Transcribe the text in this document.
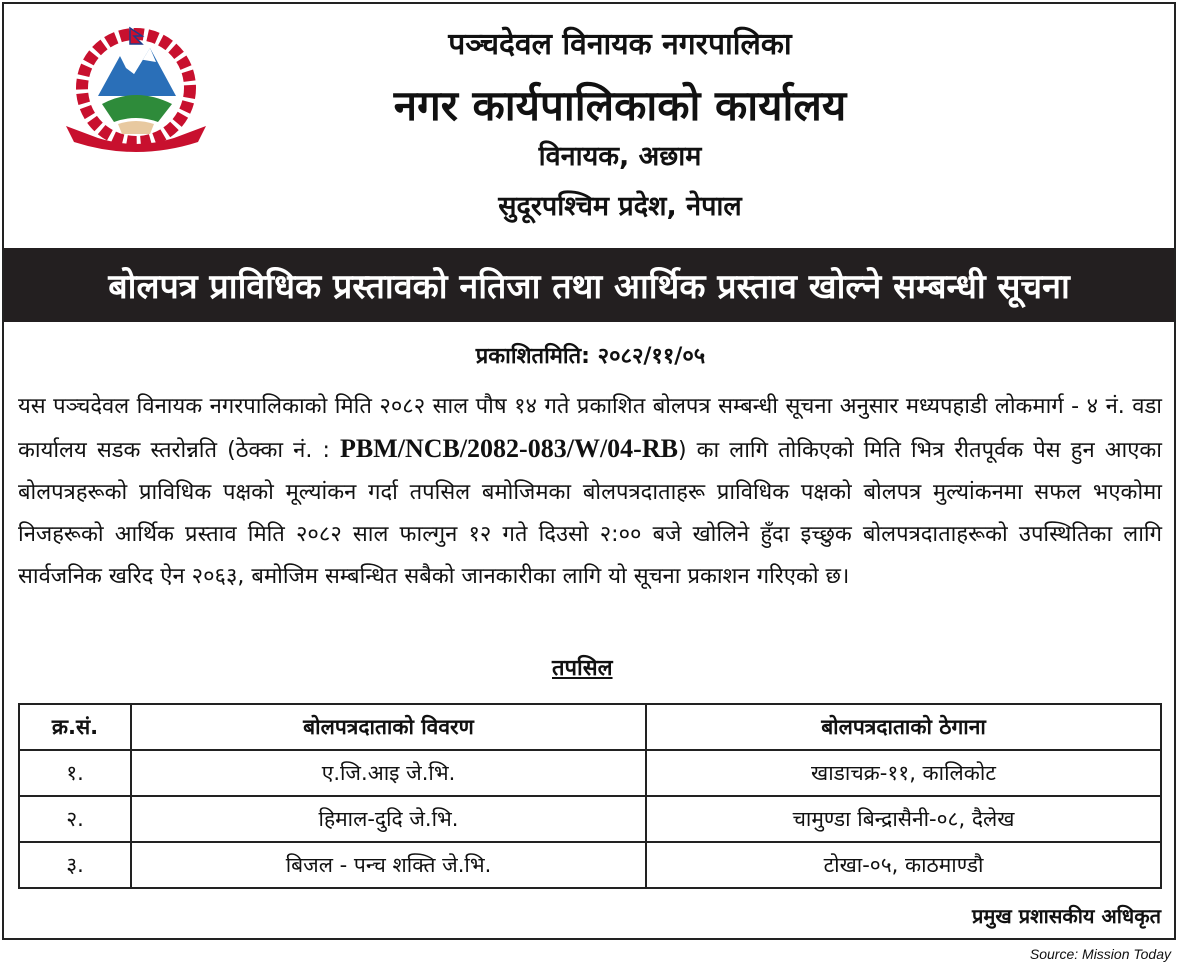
पञ्चदेवल विनायक नगरपालिका
नगर कार्यपालिकाको कार्यालय
विनायक, अछाम
सुदूरपश्चिम प्रदेश, नेपाल
बोलपत्र प्राविधिक प्रस्तावको नतिजा तथा आर्थिक प्रस्ताव खोल्ने सम्बन्धी सूचना
प्रकाशितमिति: २०८२/११/०५
यस पञ्चदेवल विनायक नगरपालिकाको मिति २०८२ साल पौष १४ गते प्रकाशित बोलपत्र सम्बन्धी सूचना अनुसार मध्यपहाडी लोकमार्ग - ४ नं. वडा कार्यालय सडक स्तरोन्नति (ठेक्का नं. : PBM/NCB/2082-083/W/04-RB) का लागि तोकिएको मिति भित्र रीतपूर्वक पेस हुन आएका बोलपत्रहरूको प्राविधिक पक्षको मूल्यांकन गर्दा तपसिल बमोजिमका बोलपत्रदाताहरू प्राविधिक पक्षको बोलपत्र मुल्यांकनमा सफल भएकोमा निजहरूको आर्थिक प्रस्ताव मिति २०८२ साल फाल्गुन १२ गते दिउसो २:०० बजे खोलिने हुँदा इच्छुक बोलपत्रदाताहरूको उपस्थितिका लागि सार्वजनिक खरिद ऐन २०६३, बमोजिम सम्बन्धित सबैको जानकारीका लागि यो सूचना प्रकाशन गरिएको छ।
तपसिल
क्र.सं.	बोलपत्रदाताको विवरण	बोलपत्रदाताको ठेगाना
१.	ए.जि.आइ जे.भि.	खाडाचक्र-११, कालिकोट
२.	हिमाल-दुदि जे.भि.	चामुण्डा बिन्द्रासैनी-०८, दैलेख
३.	बिजल - पन्च शक्ति जे.भि.	टोखा-०५, काठमाण्डौ
प्रमुख प्रशासकीय अधिकृत
Source: Mission Today
